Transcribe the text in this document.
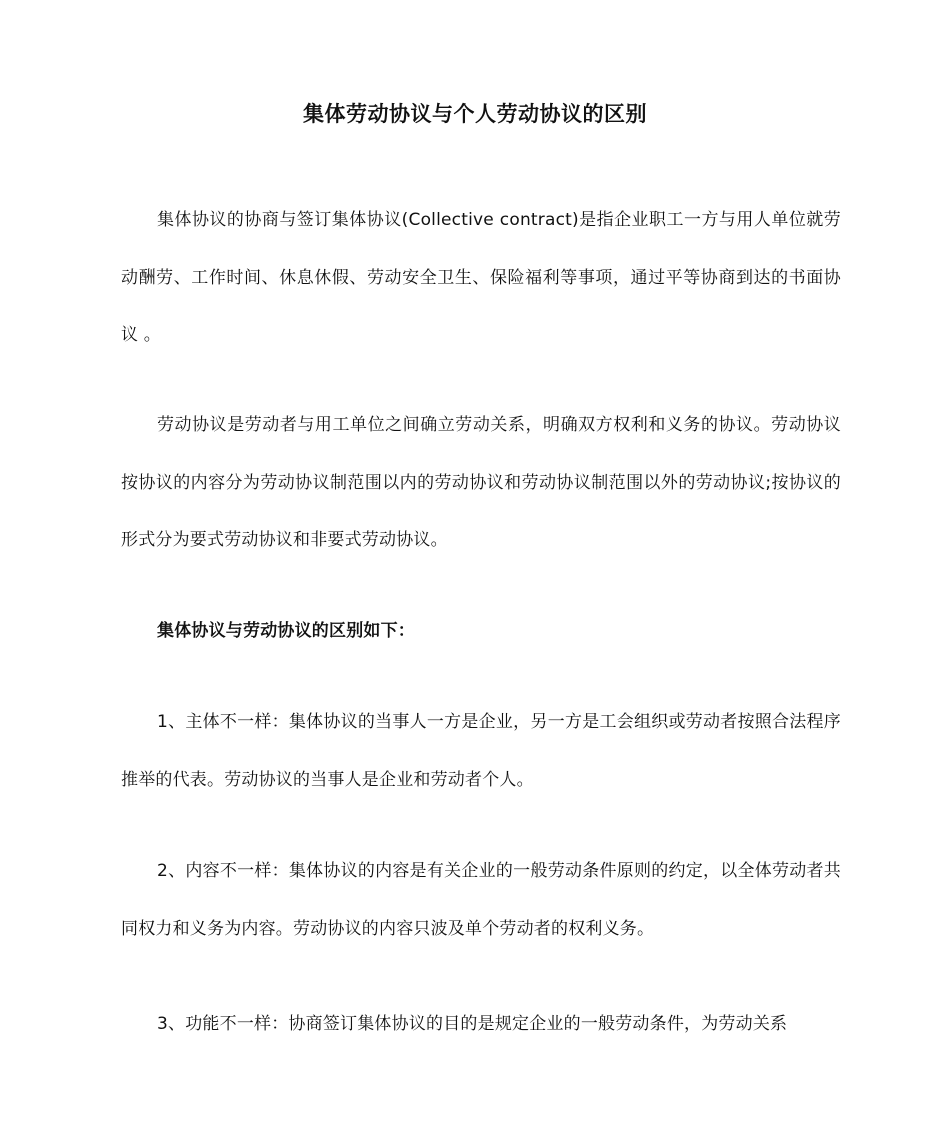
集体劳动协议与个人劳动协议的区别
集体协议的协商与签订集体协议(Collective contract)是指企业职工一方与用人单位就劳动酬劳、工作时间、休息休假、劳动安全卫生、保险福利等事项，通过平等协商到达的书面协议 。
劳动协议是劳动者与用工单位之间确立劳动关系，明确双方权利和义务的协议。劳动协议按协议的内容分为劳动协议制范围以内的劳动协议和劳动协议制范围以外的劳动协议;按协议的形式分为要式劳动协议和非要式劳动协议。
集体协议与劳动协议的区别如下：
1、主体不一样：集体协议的当事人一方是企业，另一方是工会组织或劳动者按照合法程序推举的代表。劳动协议的当事人是企业和劳动者个人。
2、内容不一样：集体协议的内容是有关企业的一般劳动条件原则的约定，以全体劳动者共同权力和义务为内容。劳动协议的内容只波及单个劳动者的权利义务。
3、功能不一样：协商签订集体协议的目的是规定企业的一般劳动条件，为劳动关系
